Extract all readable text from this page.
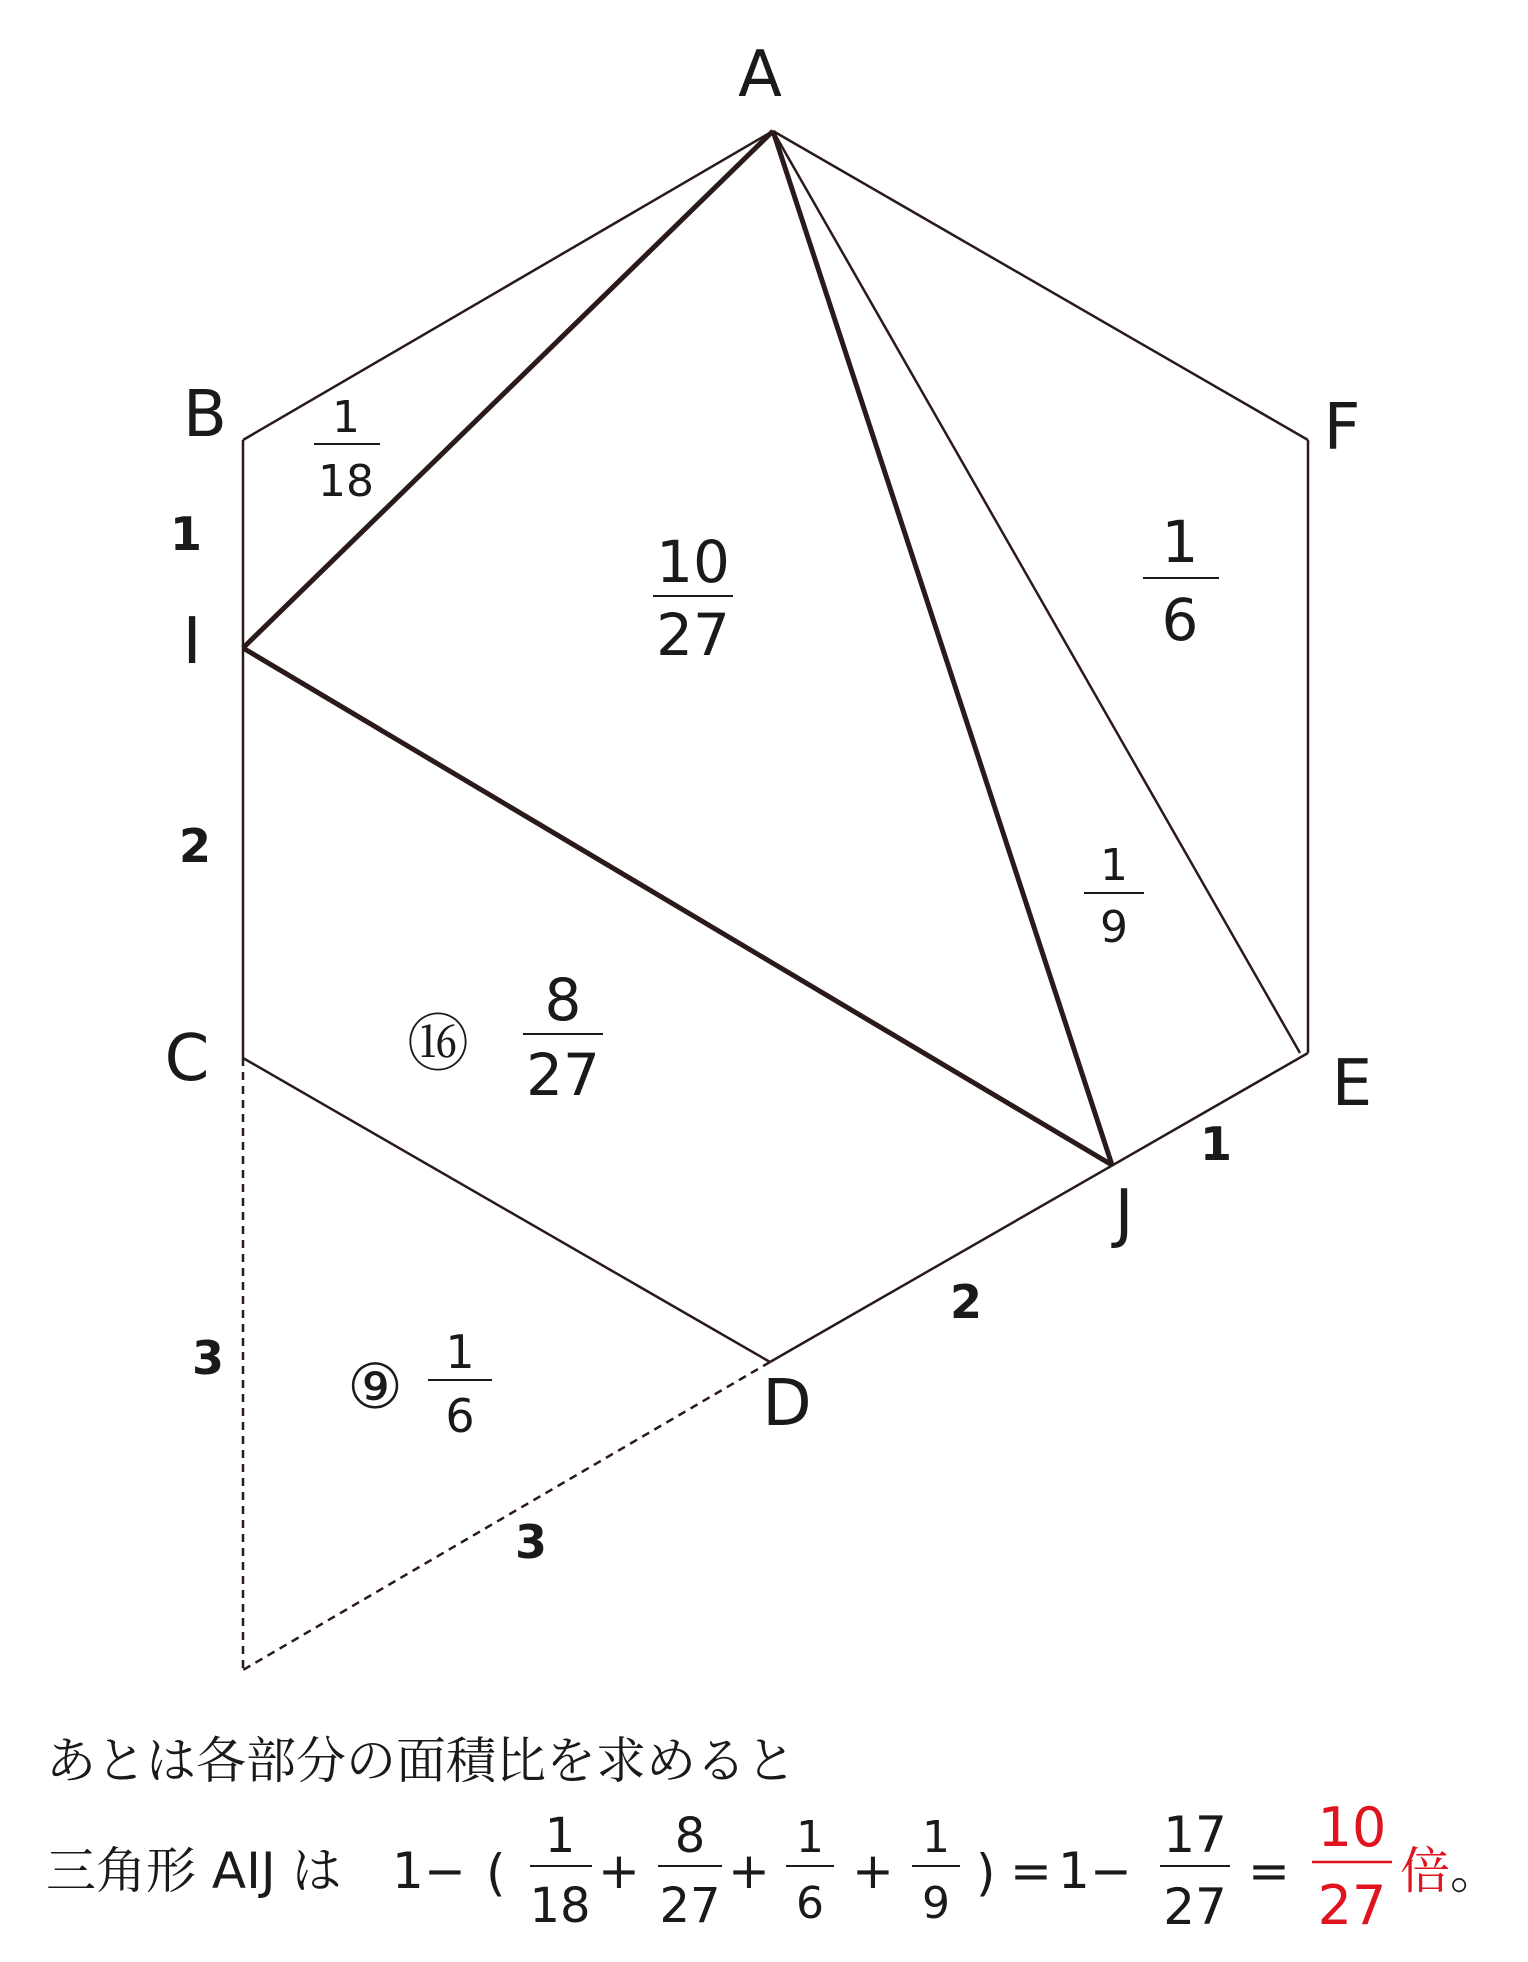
A
B
C
D
E
F
I
J
1
2
3
3
2
1
1
18
10
27
1
9
1
6
⑯
8
27
⑨ 1
6
あとは各部分の面積比を求めると
三角形 AIJ は 1 − (
1
18
+
8
27
+
1
6
+
1
9
) = 1 −
17
27
=
10
27
倍 。
